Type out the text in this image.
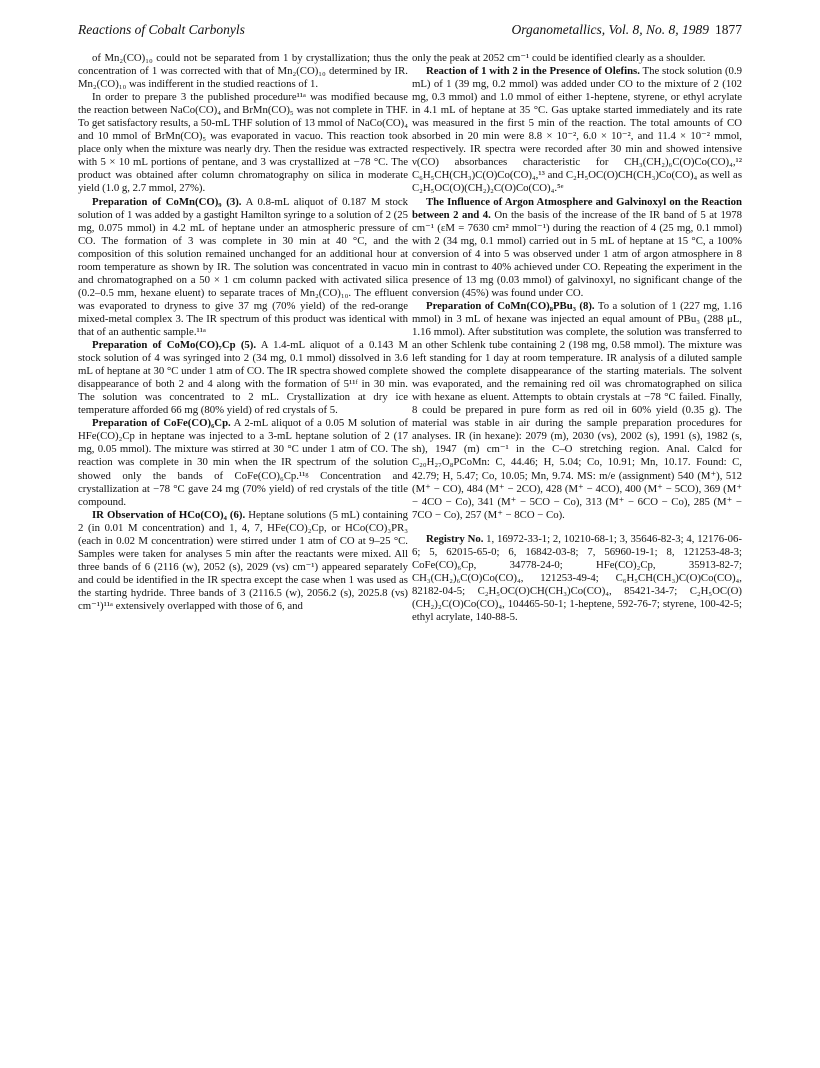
Reactions of Cobalt Carbonyls	Organometallics, Vol. 8, No. 8, 1989 1877

of Mn₂(CO)₁₀ could not be separated from 1 by crystallization; thus the concentration of 1 was corrected with that of Mn₂(CO)₁₀ determined by IR. Mn₂(CO)₁₀ was indifferent in the studied reactions of 1.

In order to prepare 3 the published procedure¹¹ᵃ was modified because the reaction between NaCo(CO)₄ and BrMn(CO)₅ was not complete in THF. To get satisfactory results, a 50-mL THF solution of 13 mmol of NaCo(CO)₄ and 10 mmol of BrMn(CO)₅ was evaporated in vacuo. This reaction took place only when the mixture was nearly dry. Then the residue was extracted with 5 × 10 mL portions of pentane, and 3 was crystallized at −78 °C. The product was obtained after column chromatography on silica in moderate yield (1.0 g, 2.7 mmol, 27%).

Preparation of CoMn(CO)₉ (3). A 0.8-mL aliquot of 0.187 M stock solution of 1 was added by a gastight Hamilton syringe to a solution of 2 (25 mg, 0.075 mmol) in 4.2 mL of heptane under an atmospheric pressure of CO. The formation of 3 was complete in 30 min at 40 °C, and the composition of this solution remained unchanged for an additional hour at room temperature as shown by IR. The solution was concentrated in vacuo and chromatographed on a 50 × 1 cm column packed with activated silica (0.2–0.5 mm, hexane eluent) to separate traces of Mn₂(CO)₁₀. The effluent was evaporated to dryness to give 37 mg (70% yield) of the red-orange mixed-metal complex 3. The IR spectrum of this product was identical with that of an authentic sample.¹¹ᵃ

Preparation of CoMo(CO)₇Cp (5). A 1.4-mL aliquot of a 0.143 M stock solution of 4 was syringed into 2 (34 mg, 0.1 mmol) dissolved in 3.6 mL of heptane at 30 °C under 1 atm of CO. The IR spectra showed complete disappearance of both 2 and 4 along with the formation of 5¹¹ᶠ in 30 min. The solution was concentrated to 2 mL. Crystallization at dry ice temperature afforded 66 mg (80% yield) of red crystals of 5.

Preparation of CoFe(CO)₆Cp. A 2-mL aliquot of a 0.05 M solution of HFe(CO)₂Cp in heptane was injected to a 3-mL heptane solution of 2 (17 mg, 0.05 mmol). The mixture was stirred at 30 °C under 1 atm of CO. The reaction was complete in 30 min when the IR spectrum of the solution showed only the bands of CoFe(CO)₆Cp.¹¹ᵍ Concentration and crystallization at −78 °C gave 24 mg (70% yield) of red crystals of the title compound.

IR Observation of HCo(CO)₄ (6). Heptane solutions (5 mL) containing 2 (in 0.01 M concentration) and 1, 4, 7, HFe(CO)₂Cp, or HCo(CO)₃PR₃ (each in 0.02 M concentration) were stirred under 1 atm of CO at 9–25 °C. Samples were taken for analyses 5 min after the reactants were mixed. All three bands of 6 (2116 (w), 2052 (s), 2029 (vs) cm⁻¹) appeared separately and could be identified in the IR spectra except the case when 1 was used as the starting hydride. Three bands of 3 (2116.5 (w), 2056.2 (s), 2025.8 (vs) cm⁻¹)¹¹ᵃ extensively overlapped with those of 6, and

only the peak at 2052 cm⁻¹ could be identified clearly as a shoulder.

Reaction of 1 with 2 in the Presence of Olefins. The stock solution (0.9 mL) of 1 (39 mg, 0.2 mmol) was added under CO to the mixture of 2 (102 mg, 0.3 mmol) and 1.0 mmol of either 1-heptene, styrene, or ethyl acrylate in 4.1 mL of heptane at 35 °C. Gas uptake started immediately and its rate was measured in the first 5 min of the reaction. The total amounts of CO absorbed in 20 min were 8.8 × 10⁻², 6.0 × 10⁻², and 11.4 × 10⁻² mmol, respectively. IR spectra were recorded after 30 min and showed intensive ν(CO) absorbances characteristic for CH₃(CH₂)₆C(O)Co(CO)₄,¹² C₆H₅CH(CH₃)C(O)Co(CO)₄,¹³ and C₂H₅OC(O)CH(CH₃)Co(CO)₄ as well as C₂H₅OC(O)(CH₂)₂C(O)Co(CO)₄.⁵ᵉ

The Influence of Argon Atmosphere and Galvinoxyl on the Reaction between 2 and 4. On the basis of the increase of the IR band of 5 at 1978 cm⁻¹ (εM = 7630 cm² mmol⁻¹) during the reaction of 4 (25 mg, 0.1 mmol) with 2 (34 mg, 0.1 mmol) carried out in 5 mL of heptane at 15 °C, a 100% conversion of 4 into 5 was observed under 1 atm of argon atmosphere in 8 min in contrast to 40% achieved under CO. Repeating the experiment in the presence of 13 mg (0.03 mmol) of galvinoxyl, no significant change of the conversion (45%) was found under CO.

Preparation of CoMn(CO)₈PBu₃ (8). To a solution of 1 (227 mg, 1.16 mmol) in 3 mL of hexane was injected an equal amount of PBu₃ (288 μL, 1.16 mmol). After substitution was complete, the solution was transferred to an other Schlenk tube containing 2 (198 mg, 0.58 mmol). The mixture was left standing for 1 day at room temperature. IR analysis of a diluted sample showed the complete disappearance of the starting materials. The solvent was evaporated, and the remaining red oil was chromatographed on silica with hexane as eluent. Attempts to obtain crystals at −78 °C failed. Finally, 8 could be prepared in pure form as red oil in 60% yield (0.35 g). The material was stable in air during the sample preparation procedures for analyses. IR (in hexane): 2079 (m), 2030 (vs), 2002 (s), 1991 (s), 1982 (s, sh), 1947 (m) cm⁻¹ in the C–O stretching region. Anal. Calcd for C₂₀H₂₇O₈PCoMn: C, 44.46; H, 5.04; Co, 10.91; Mn, 10.17. Found: C, 42.79; H, 5.47; Co, 10.05; Mn, 9.74. MS: m/e (assignment) 540 (M⁺), 512 (M⁺ − CO), 484 (M⁺ − 2CO), 428 (M⁺ − 4CO), 400 (M⁺ − 5CO), 369 (M⁺ − 4CO − Co), 341 (M⁺ − 5CO − Co), 313 (M⁺ − 6CO − Co), 285 (M⁺ − 7CO − Co), 257 (M⁺ − 8CO − Co).

Registry No. 1, 16972-33-1; 2, 10210-68-1; 3, 35646-82-3; 4, 12176-06-6; 5, 62015-65-0; 6, 16842-03-8; 7, 56960-19-1; 8, 121253-48-3; CoFe(CO)₆Cp, 34778-24-0; HFe(CO)₂Cp, 35913-82-7; CH₃(CH₂)₆C(O)Co(CO)₄, 121253-49-4; C₆H₅CH(CH₃)C(O)Co(CO)₄, 82182-04-5; C₂H₅OC(O)CH(CH₃)Co(CO)₄, 85421-34-7; C₂H₅OC(O)(CH₂)₂C(O)Co(CO)₄, 104465-50-1; 1-heptene, 592-76-7; styrene, 100-42-5; ethyl acrylate, 140-88-5.
